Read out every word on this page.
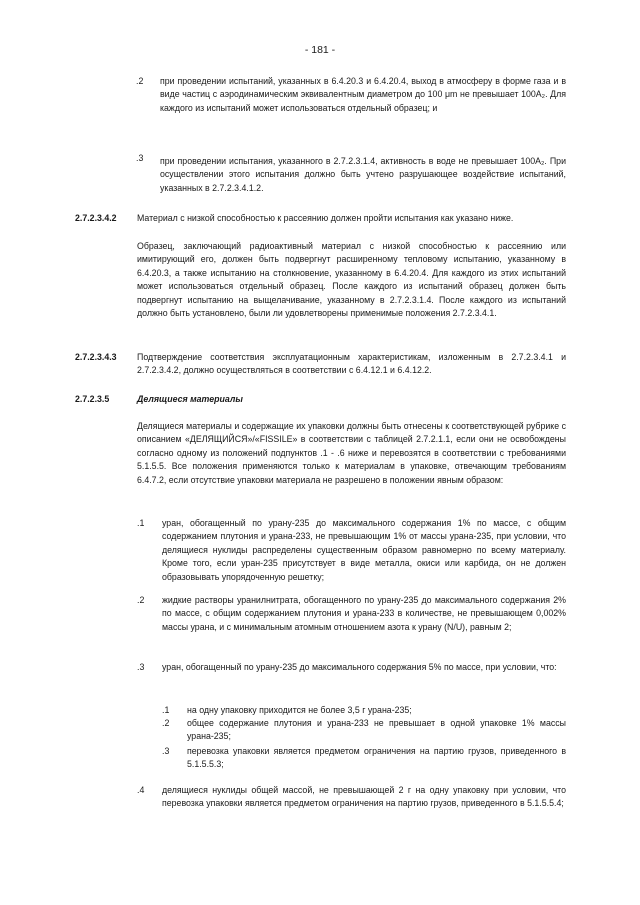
- 181 -
.2 при проведении испытаний, указанных в 6.4.20.3 и 6.4.20.4, выход в атмосферу в форме газа и в виде частиц с аэродинамическим эквивалентным диаметром до 100 μm не превышает 100A₂. Для каждого из испытаний может использоваться отдельный образец; и
.3 при проведении испытания, указанного в 2.7.2.3.1.4, активность в воде не превышает 100A₂. При осуществлении этого испытания должно быть учтено разрушающее воздействие испытаний, указанных в 2.7.2.3.4.1.2.
2.7.2.3.4.2 Материал с низкой способностью к рассеянию должен пройти испытания как указано ниже.
Образец, заключающий радиоактивный материал с низкой способностью к рассеянию или имитирующий его, должен быть подвергнут расширенному тепловому испытанию, указанному в 6.4.20.3, а также испытанию на столкновение, указанному в 6.4.20.4. Для каждого из этих испытаний может использоваться отдельный образец. После каждого из испытаний образец должен быть подвергнут испытанию на выщелачивание, указанному в 2.7.2.3.1.4. После каждого из испытаний должно быть установлено, были ли удовлетворены применимые положения 2.7.2.3.4.1.
2.7.2.3.4.3 Подтверждение соответствия эксплуатационным характеристикам, изложенным в 2.7.2.3.4.1 и 2.7.2.3.4.2, должно осуществляться в соответствии с 6.4.12.1 и 6.4.12.2.
2.7.2.3.5	Делящиеся материалы
Делящиеся материалы и содержащие их упаковки должны быть отнесены к соответствующей рубрике с описанием «ДЕЛЯЩИЙСЯ»/«FISSILE» в соответствии с таблицей 2.7.2.1.1, если они не освобождены согласно одному из положений подпунктов .1 - .6 ниже и перевозятся в соответствии с требованиями 5.1.5.5. Все положения применяются только к материалам в упаковке, отвечающим требованиям 6.4.7.2, если отсутствие упаковки материала не разрешено в положении явным образом:
.1 уран, обогащенный по урану-235 до максимального содержания 1% по массе, с общим содержанием плутония и урана-233, не превышающим 1% от массы урана-235, при условии, что делящиеся нуклиды распределены существенным образом равномерно по всему материалу. Кроме того, если уран-235 присутствует в виде металла, окиси или карбида, он не должен образовывать упорядоченную решетку;
.2 жидкие растворы уранилнитрата, обогащенного по урану-235 до максимального содержания 2% по массе, с общим содержанием плутония и урана-233 в количестве, не превышающем 0,002% массы урана, и с минимальным атомным отношением азота к урану (N/U), равным 2;
.3 уран, обогащенный по урану-235 до максимального содержания 5% по массе, при условии, что:
.1 на одну упаковку приходится не более 3,5 г урана-235;
.2 общее содержание плутония и урана-233 не превышает в одной упаковке 1% массы урана-235;
.3 перевозка упаковки является предметом ограничения на партию грузов, приведенного в 5.1.5.5.3;
.4 делящиеся нуклиды общей массой, не превышающей 2 г на одну упаковку при условии, что перевозка упаковки является предметом ограничения на партию грузов, приведенного в 5.1.5.5.4;
